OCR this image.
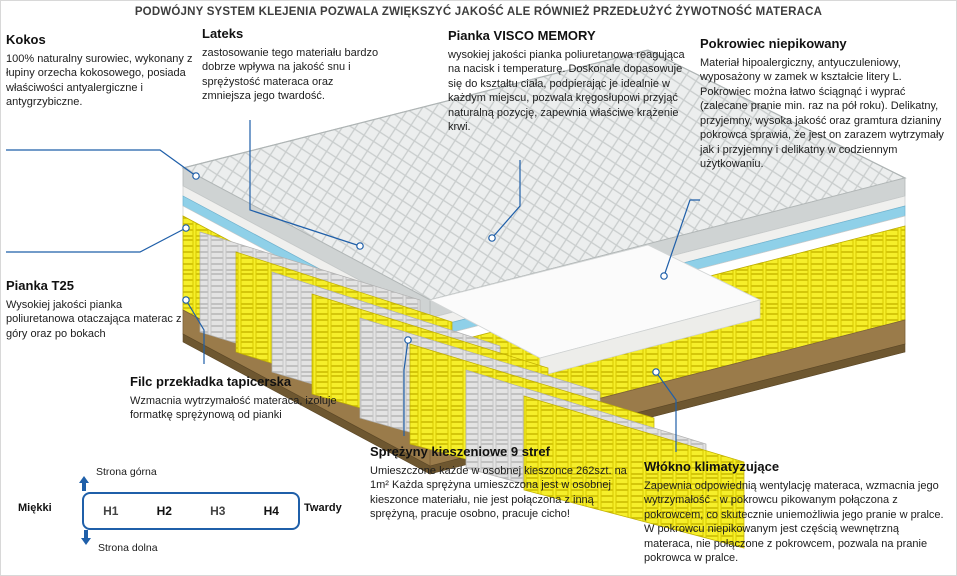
PODWÓJNY SYSTEM KLEJENIA POZWALA ZWIĘKSZYĆ JAKOŚĆ ALE RÓWNIEŻ PRZEDŁUŻYĆ ŻYWOTNOŚĆ MATERACA

Kokos

100% naturalny surowiec, wykonany z łupiny orzecha kokosowego, posiada właściwości antyalergiczne i antygrzybiczne.

Lateks

zastosowanie tego materiału bardzo dobrze wpływa na jakość snu i sprężystość materaca oraz zmniejsza jego twardość.

Pianka VISCO MEMORY

wysokiej jakości pianka poliuretanowa reagująca na nacisk i temperaturę. Doskonale dopasowuje się do kształtu ciała, podpierając je idealnie w każdym miejscu, pozwala kręgosłupowi przyjąć naturalną pozycję, zapewnia właściwe krążenie krwi.

Pokrowiec niepikowany

Materiał hipoalergiczny, antyuczuleniowy, wyposażony w zamek w kształcie litery L. Pokrowiec można łatwo ściągnąć i wyprać (zalecane pranie min. raz na pół roku). Delikatny, przyjemny, wysoka jakość oraz gramtura dzianiny pokrowca sprawia, że jest on zarazem wytrzymały jak i przyjemny i delikatny w codziennym użytkowaniu.

Pianka T25

Wysokiej jakości pianka poliuretanowa otaczająca materac z góry oraz po bokach

Filc przekładka tapicerska

Wzmacnia wytrzymałość materaca, izoluje formatkę sprężynową od pianki

Sprężyny kieszeniowe 9 stref

Umieszczone każde w osobnej kieszonce 262szt. na 1m² Każda sprężyna umieszczona jest w osobnej kieszonce materiału, nie jest połączona z inną sprężyną, pracuje osobno, pracuje cicho!

Włókno klimatyzujące

Zapewnia odpowiednią wentylację materaca, wzmacnia jego wytrzymałość - w pokrowcu pikowanym połączona z pokrowcem, co skutecznie uniemożliwia jego pranie w pralce. W pokrowcu niepikowanym jest częścią wewnętrzną materaca, nie połączone z pokrowcem, pozwala na pranie pokrowca w pralce.

Strona górna
Miękki	H1	H2	H3	H4	Twardy
Strona dolna
